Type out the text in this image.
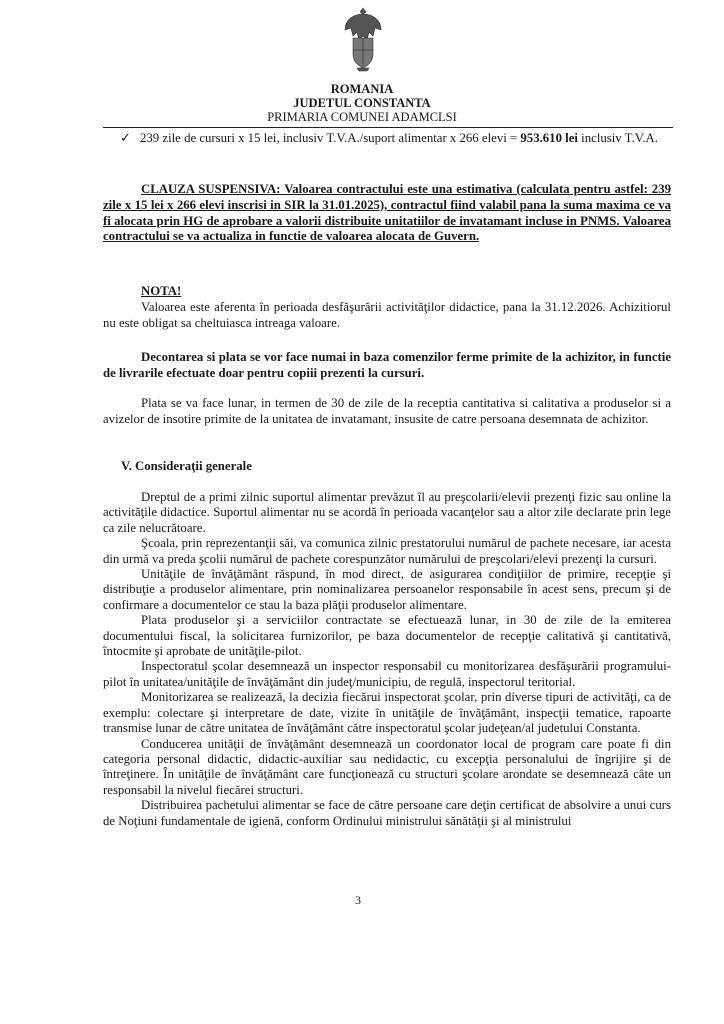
ROMANIA
JUDETUL CONSTANTA
PRIMARIA COMUNEI ADAMCLSI
✓ 239 zile de cursuri x 15 lei, inclusiv T.V.A./suport alimentar x 266 elevi = 953.610 lei inclusiv T.V.A.

CLAUZA SUSPENSIVA: Valoarea contractului este una estimativa (calculata pentru astfel: 239 zile x 15 lei x 266 elevi inscrisi in SIR la 31.01.2025), contractul fiind valabil pana la suma maxima ce va fi alocata prin HG de aprobare a valorii distribuite unitatiilor de invatamant incluse in PNMS. Valoarea contractului se va actualiza in functie de valoarea alocata de Guvern.

NOTA!

Valoarea este aferenta în perioada desfăşurării activităţilor didactice, pana la 31.12.2026. Achizitiorul nu este obligat sa cheltuiasca intreaga valoare.

Decontarea si plata se vor face numai in baza comenzilor ferme primite de la achizitor, in functie de livrarile efectuate doar pentru copiii prezenti la cursuri.

Plata se va face lunar, in termen de 30 de zile de la receptia cantitativa si calitativa a produselor si a avizelor de insotire primite de la unitatea de invatamant, insusite de catre persoana desemnata de achizitor.

V. Consideraţii generale

Dreptul de a primi zilnic suportul alimentar prevăzut îl au preşcolarii/elevii prezenţi fizic sau online la activităţile didactice. Suportul alimentar nu se acordă în perioada vacanţelor sau a altor zile declarate prin lege ca zile nelucrătoare.

Şcoala, prin reprezentanţii săi, va comunica zilnic prestatorului numărul de pachete necesare, iar acesta din urmă va preda şcolii numărul de pachete corespunzător numărului de preşcolari/elevi prezenţi la cursuri.

Unităţile de învăţământ răspund, în mod direct, de asigurarea condiţiilor de primire, recepţie şi distribuţie a produselor alimentare, prin nominalizarea persoanelor responsabile în acest sens, precum şi de confirmare a documentelor ce stau la baza plăţii produselor alimentare.

Plata produselor şi a serviciilor contractate se efectuează lunar, in 30 de zile de la emiterea documentului fiscal, la solicitarea furnizorilor, pe baza documentelor de recepţie calitativă şi cantitativă, întocmite şi aprobate de unităţile-pilot.

Inspectoratul şcolar desemnează un inspector responsabil cu monitorizarea desfăşurării programului-pilot în unitatea/unităţile de învăţământ din judeţ/municipiu, de regulă, inspectorul teritorial.

Monitorizarea se realizează, la decizia fiecărui inspectorat şcolar, prin diverse tipuri de activităţi, ca de exemplu: colectare şi interpretare de date, vizite în unităţile de învăţământ, inspecţii tematice, rapoarte transmise lunar de către unitatea de învăţământ către inspectoratul şcolar judeţean/al judetului Constanta.

Conducerea unităţii de învăţământ desemnează un coordonator local de program care poate fi din categoria personal didactic, didactic-auxiliar sau nedidactic, cu excepţia personalului de îngrijire şi de întreţinere. În unităţile de învăţământ care funcţionează cu structuri şcolare arondate se desemnează câte un responsabil la nivelul fiecărei structuri.

Distribuirea pachetului alimentar se face de către persoane care deţin certificat de absolvire a unui curs de Noţiuni fundamentale de igienă, conform Ordinului ministrului sănătăţii şi al ministrului

3
